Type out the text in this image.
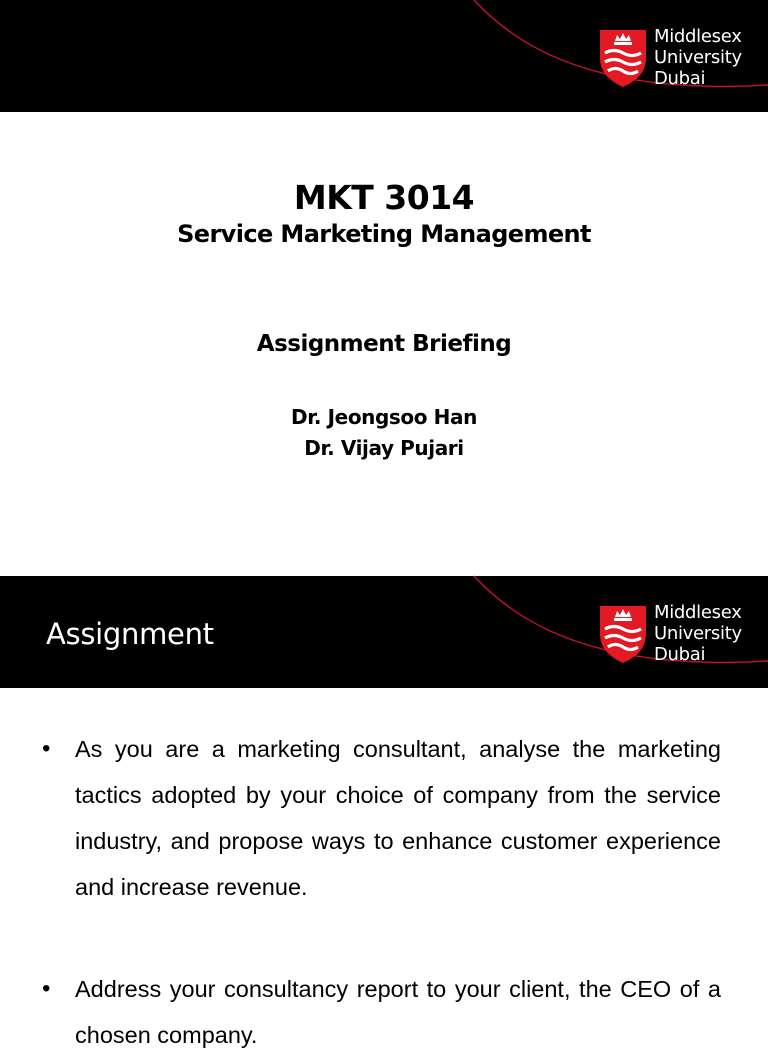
Middlesex
University
Dubai
MKT 3014
Service Marketing Management
Assignment Briefing
Dr. Jeongsoo Han
Dr. Vijay Pujari
Assignment
Middlesex
University
Dubai
• As you are a marketing consultant, analyse the marketing tactics adopted by your choice of company from the service industry, and propose ways to enhance customer experience and increase revenue.
• Address your consultancy report to your client, the CEO of a chosen company.
